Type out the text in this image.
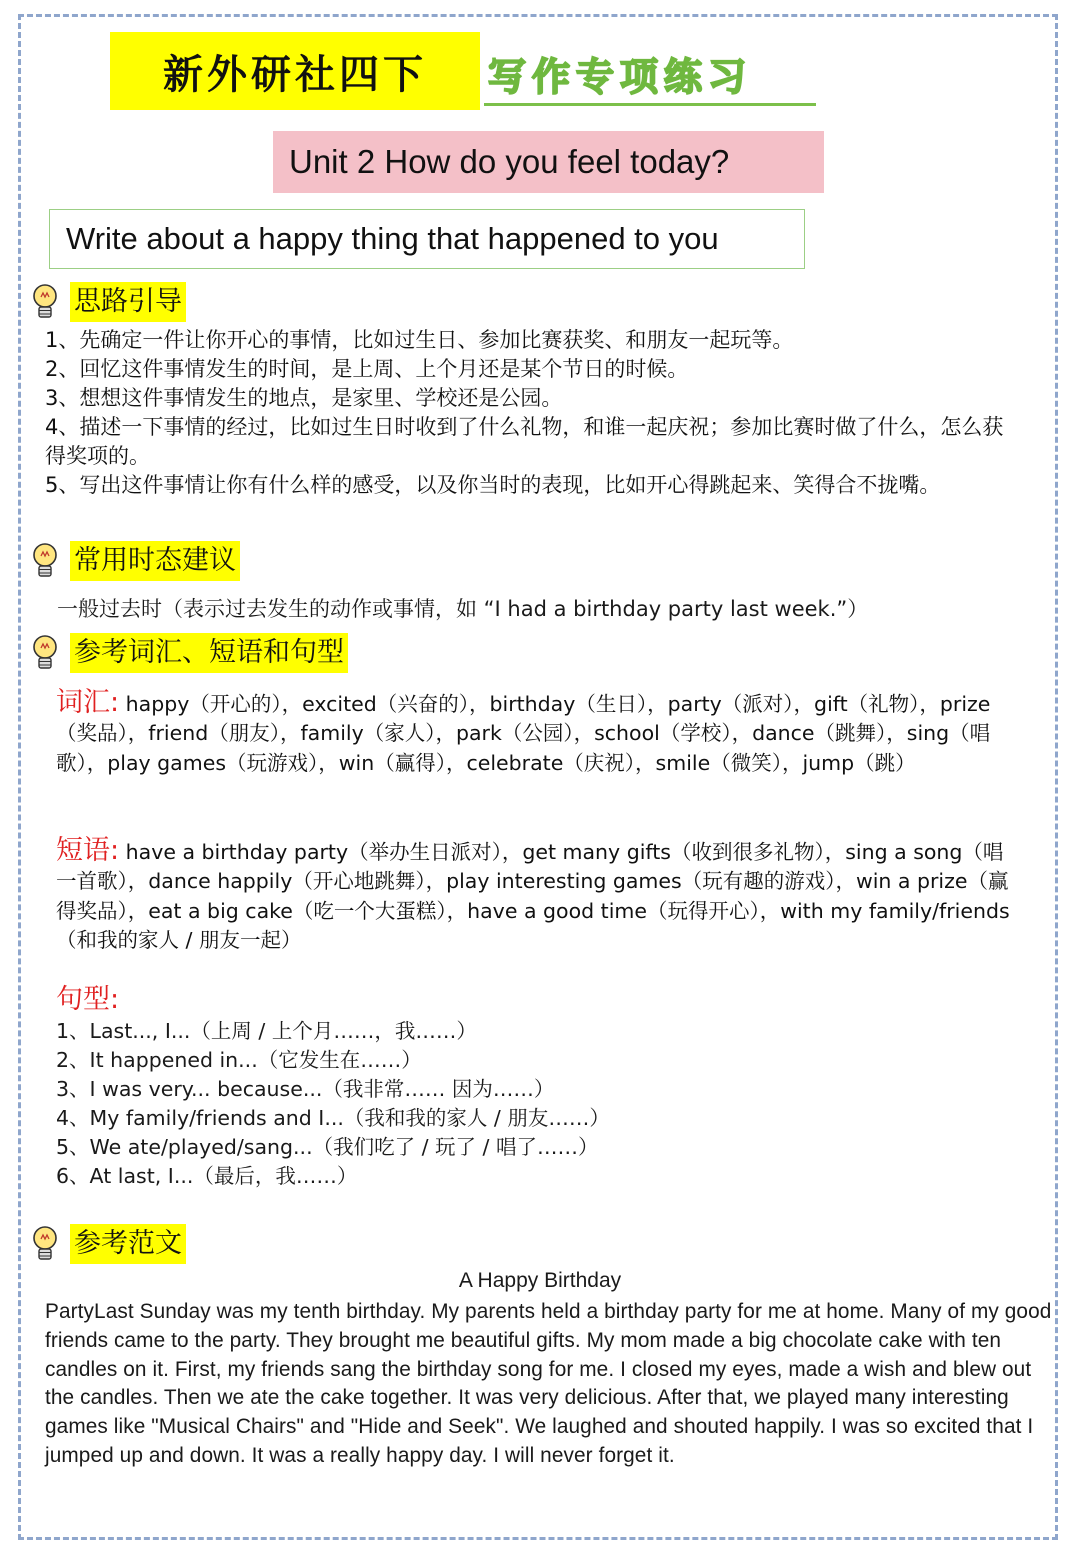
新外研社四下	写作专项练习
Unit 2 How do you feel today?
Write about a happy thing that happened to you
思路引导
1、先确定一件让你开心的事情，比如过生日、参加比赛获奖、和朋友一起玩等。
2、回忆这件事情发生的时间，是上周、上个月还是某个节日的时候。
3、想想这件事情发生的地点，是家里、学校还是公园。
4、描述一下事情的经过，比如过生日时收到了什么礼物，和谁一起庆祝；参加比赛时做了什么，怎么获得奖项的。
5、写出这件事情让你有什么样的感受，以及你当时的表现，比如开心得跳起来、笑得合不拢嘴。
常用时态建议
一般过去时（表示过去发生的动作或事情，如 “I had a birthday party last week.”）
参考词汇、短语和句型
词汇: happy（开心的），excited（兴奋的），birthday（生日），party（派对），gift（礼物），prize（奖品），friend（朋友），family（家人），park（公园），school（学校），dance（跳舞），sing（唱歌），play games（玩游戏），win（赢得），celebrate（庆祝），smile（微笑），jump（跳）
短语: have a birthday party（举办生日派对），get many gifts（收到很多礼物），sing a song（唱一首歌），dance happily（开心地跳舞），play interesting games（玩有趣的游戏），win a prize（赢得奖品），eat a big cake（吃一个大蛋糕），have a good time（玩得开心），with my family/friends（和我的家人 / 朋友一起）
句型:
1、Last..., I...（上周 / 上个月……，我……）
2、It happened in...（它发生在……）
3、I was very... because...（我非常…… 因为……）
4、My family/friends and I...（我和我的家人 / 朋友……）
5、We ate/played/sang...（我们吃了 / 玩了 / 唱了……）
6、At last, I...（最后，我……）
参考范文
A Happy Birthday
PartyLast Sunday was my tenth birthday. My parents held a birthday party for me at home. Many of my good friends came to the party. They brought me beautiful gifts. My mom made a big chocolate cake with ten candles on it. First, my friends sang the birthday song for me. I closed my eyes, made a wish and blew out the candles. Then we ate the cake together. It was very delicious. After that, we played many interesting games like "Musical Chairs" and "Hide and Seek". We laughed and shouted happily. I was so excited that I jumped up and down. It was a really happy day. I will never forget it.
